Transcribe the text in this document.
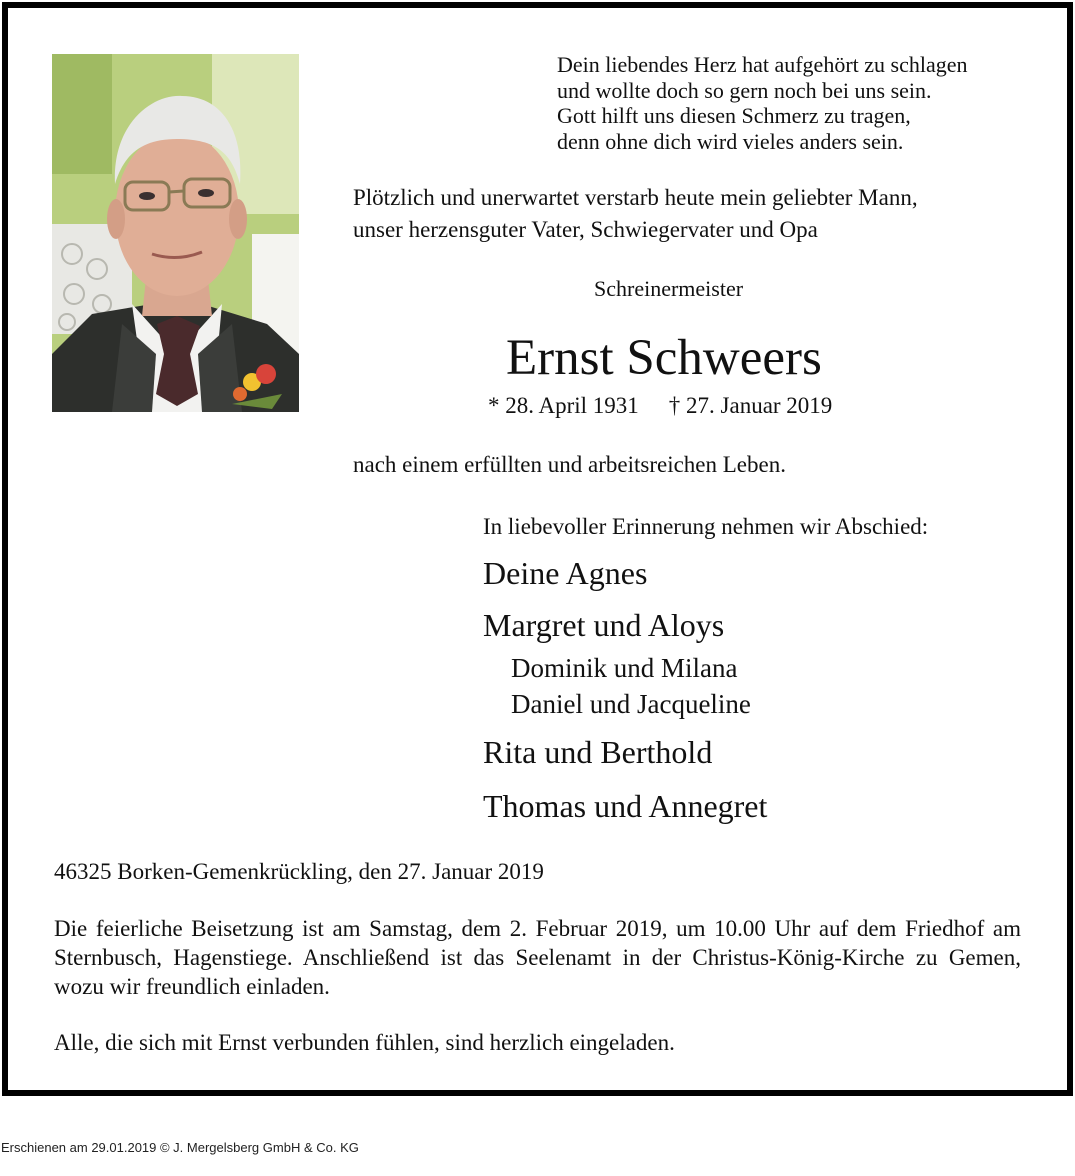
Dein liebendes Herz hat aufgehört zu schlagen
und wollte doch so gern noch bei uns sein.
Gott hilft uns diesen Schmerz zu tragen,
denn ohne dich wird vieles anders sein.
Plötzlich und unerwartet verstarb heute mein geliebter Mann,
unser herzensguter Vater, Schwiegervater und Opa
Schreinermeister
Ernst Schweers
* 28. April 1931 † 27. Januar 2019
nach einem erfüllten und arbeitsreichen Leben.
In liebevoller Erinnerung nehmen wir Abschied:
Deine Agnes
Margret und Aloys
Dominik und Milana
Daniel und Jacqueline
Rita und Berthold
Thomas und Annegret
46325 Borken-Gemenkrückling, den 27. Januar 2019
Die feierliche Beisetzung ist am Samstag, dem 2. Februar 2019, um 10.00 Uhr auf dem Friedhof am Sternbusch, Hagenstiege. Anschließend ist das Seelenamt in der Christus-König-Kirche zu Gemen, wozu wir freundlich einladen.
Alle, die sich mit Ernst verbunden fühlen, sind herzlich eingeladen.
Erschienen am 29.01.2019 © J. Mergelsberg GmbH & Co. KG
